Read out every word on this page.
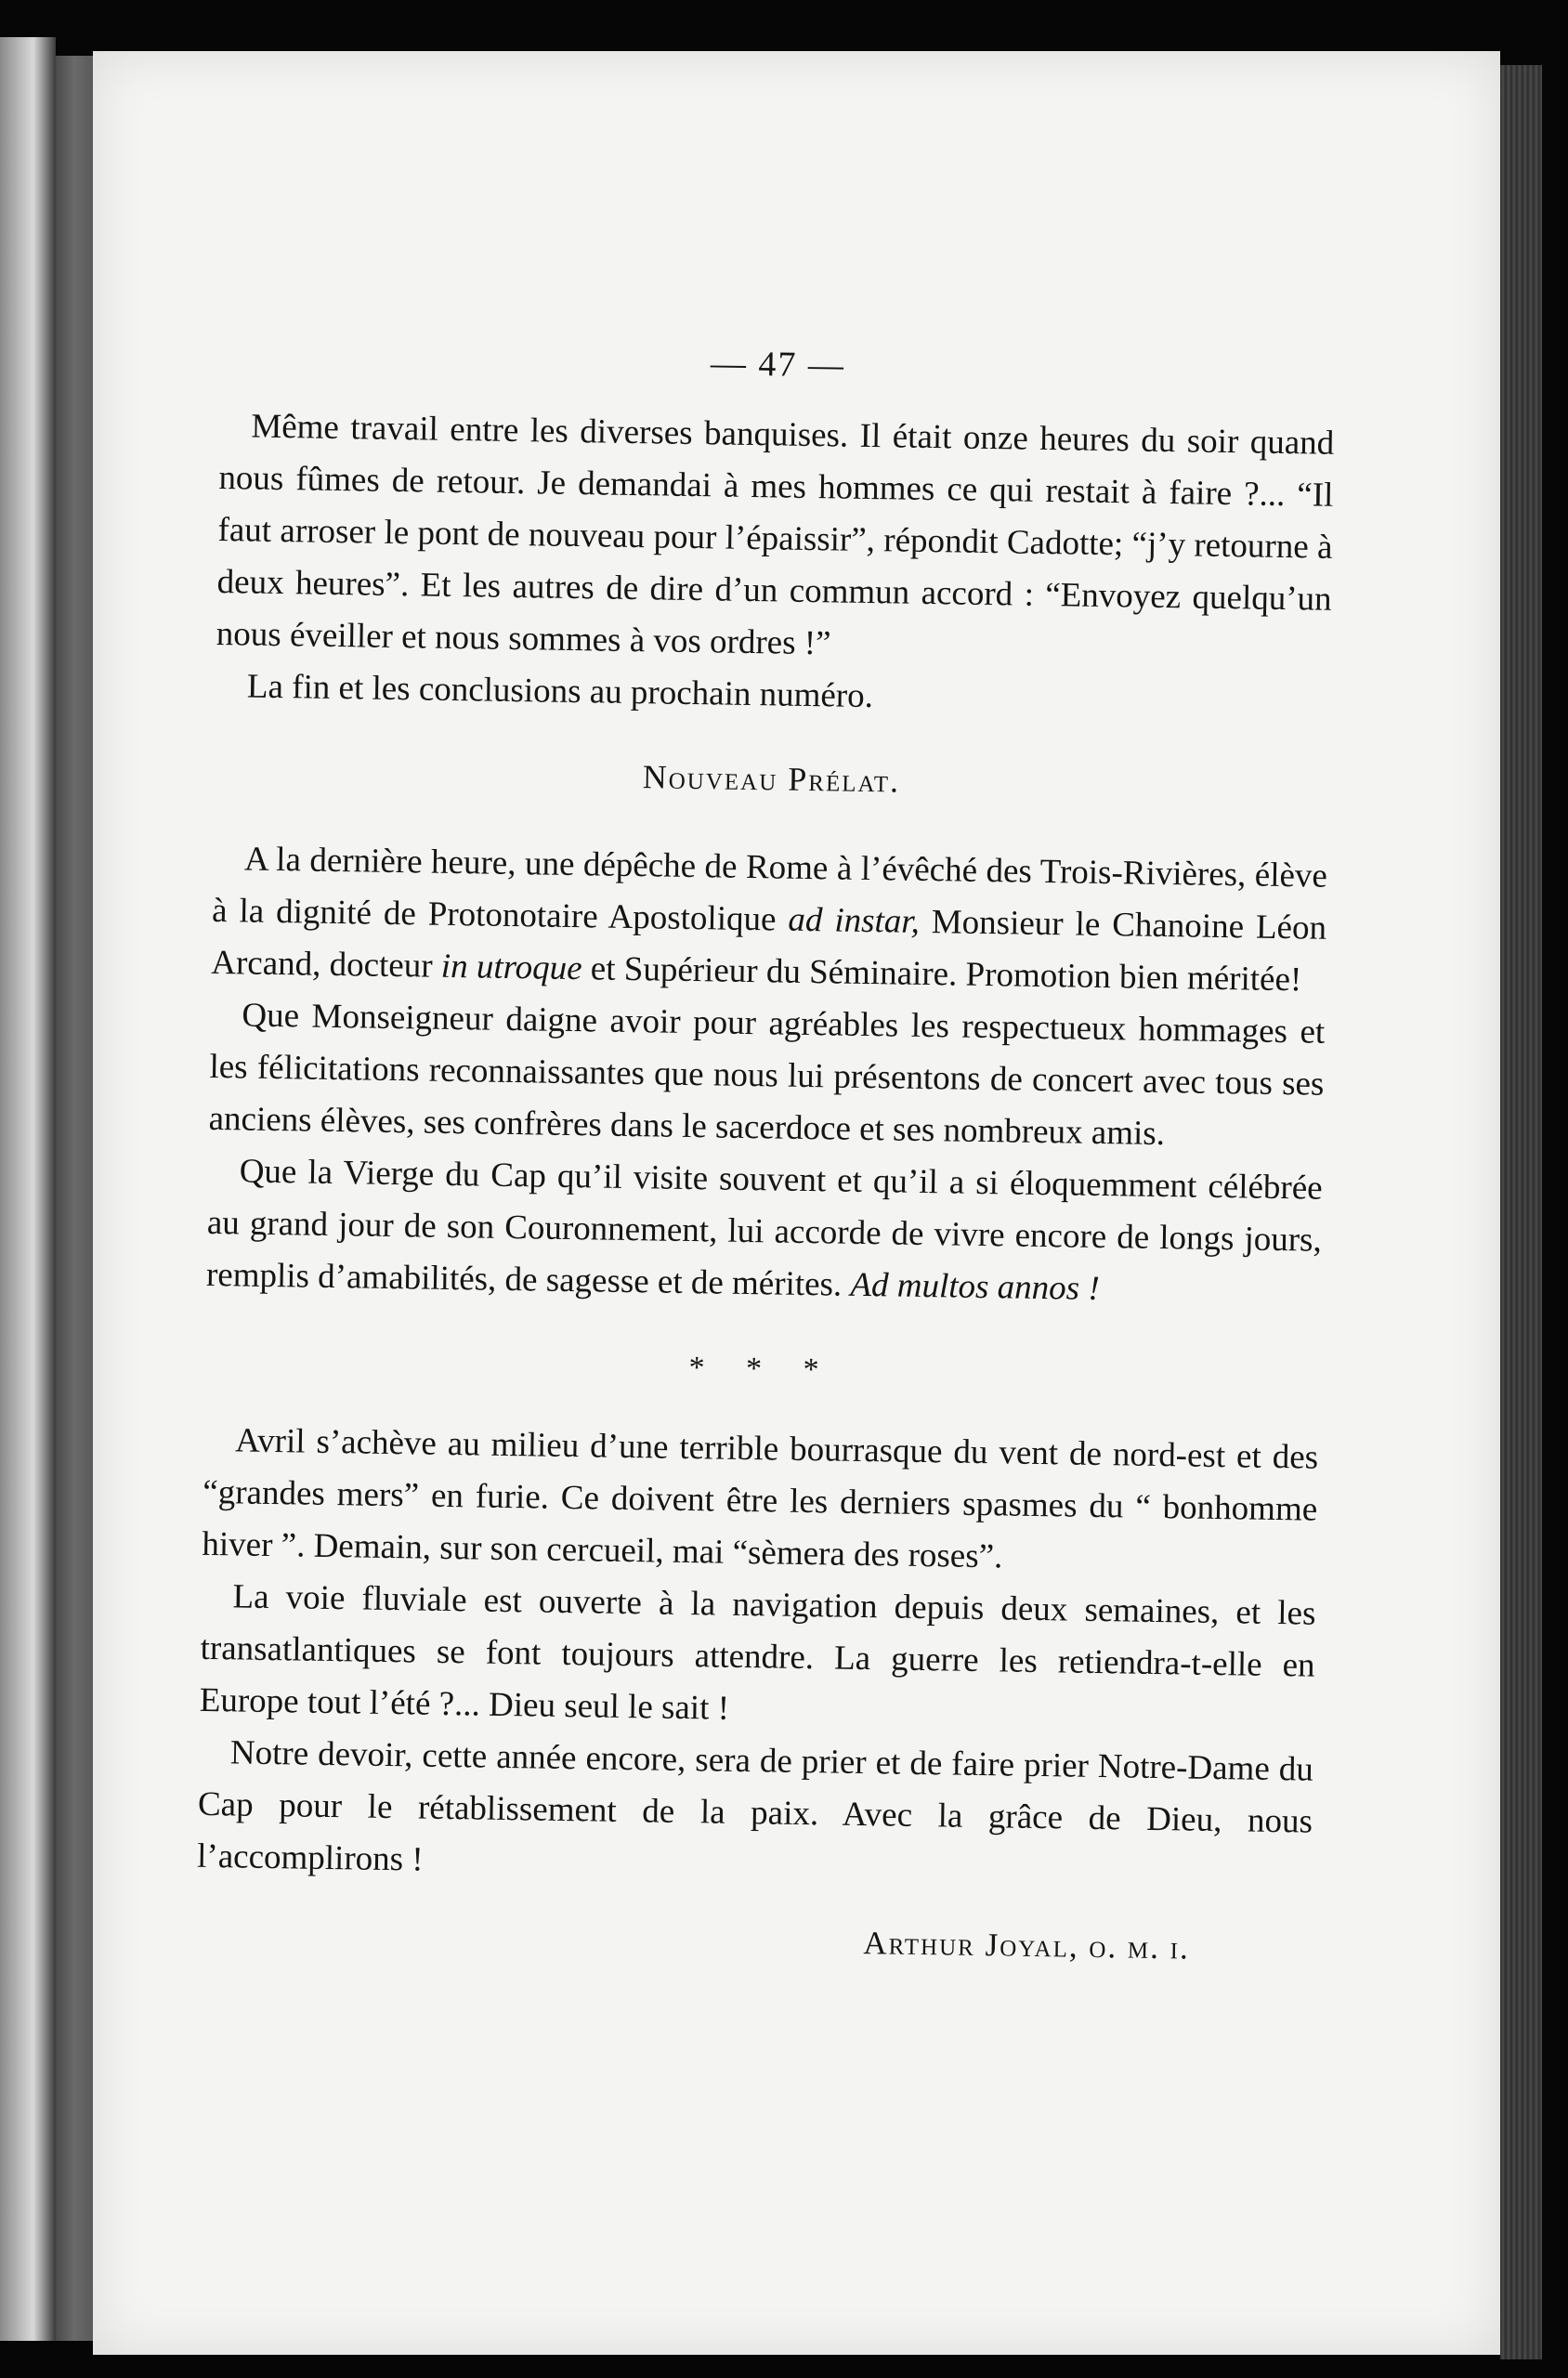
— 47 —

Même travail entre les diverses banquises. Il était onze heures du soir quand nous fûmes de retour. Je demandai à mes hommes ce qui restait à faire ?... “Il faut arroser le pont de nouveau pour l’épaissir”, répondit Cadotte; “j’y retourne à deux heures”. Et les autres de dire d’un commun accord : “Envoyez quelqu’un nous éveiller et nous sommes à vos ordres !”

La fin et les conclusions au prochain numéro.

Nouveau Prélat.

A la dernière heure, une dépêche de Rome à l’évêché des Trois-Rivières, élève à la dignité de Protonotaire Apostolique ad instar, Monsieur le Chanoine Léon Arcand, docteur in utroque et Supérieur du Séminaire. Promotion bien méritée!

Que Monseigneur daigne avoir pour agréables les respectueux hommages et les félicitations reconnaissantes que nous lui présentons de concert avec tous ses anciens élèves, ses confrères dans le sacerdoce et ses nombreux amis.

Que la Vierge du Cap qu’il visite souvent et qu’il a si éloquemment célébrée au grand jour de son Couronnement, lui accorde de vivre encore de longs jours, remplis d’amabilités, de sagesse et de mérites. Ad multos annos !

* * *

Avril s’achève au milieu d’une terrible bourrasque du vent de nord-est et des “grandes mers” en furie. Ce doivent être les derniers spasmes du “ bonhomme hiver ”. Demain, sur son cercueil, mai “sèmera des roses”.

La voie fluviale est ouverte à la navigation depuis deux semaines, et les transatlantiques se font toujours attendre. La guerre les retiendra-t-elle en Europe tout l’été ?... Dieu seul le sait !

Notre devoir, cette année encore, sera de prier et de faire prier Notre-Dame du Cap pour le rétablissement de la paix. Avec la grâce de Dieu, nous l’accomplirons !

Arthur Joyal, o. m. i.
